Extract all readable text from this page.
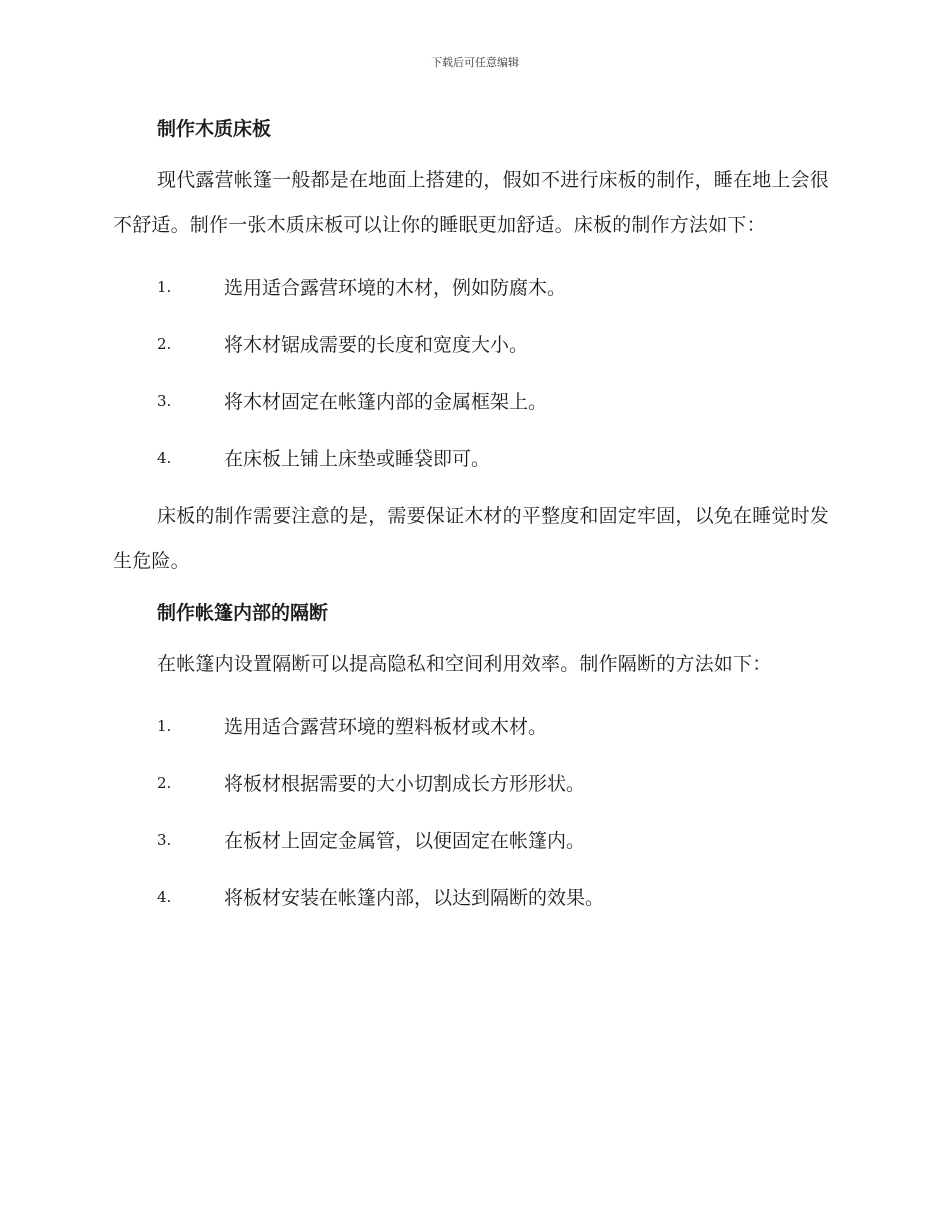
下载后可任意编辑
制作木质床板

现代露营帐篷一般都是在地面上搭建的，假如不进行床板的制作，睡在地上会很不舒适。制作一张木质床板可以让你的睡眠更加舒适。床板的制作方法如下：

1.	选用适合露营环境的木材，例如防腐木。
2.	将木材锯成需要的长度和宽度大小。
3.	将木材固定在帐篷内部的金属框架上。
4.	在床板上铺上床垫或睡袋即可。

床板的制作需要注意的是，需要保证木材的平整度和固定牢固，以免在睡觉时发生危险。

制作帐篷内部的隔断

在帐篷内设置隔断可以提高隐私和空间利用效率。制作隔断的方法如下：

1.	选用适合露营环境的塑料板材或木材。
2.	将板材根据需要的大小切割成长方形形状。
3.	在板材上固定金属管，以便固定在帐篷内。
4.	将板材安装在帐篷内部，以达到隔断的效果。
